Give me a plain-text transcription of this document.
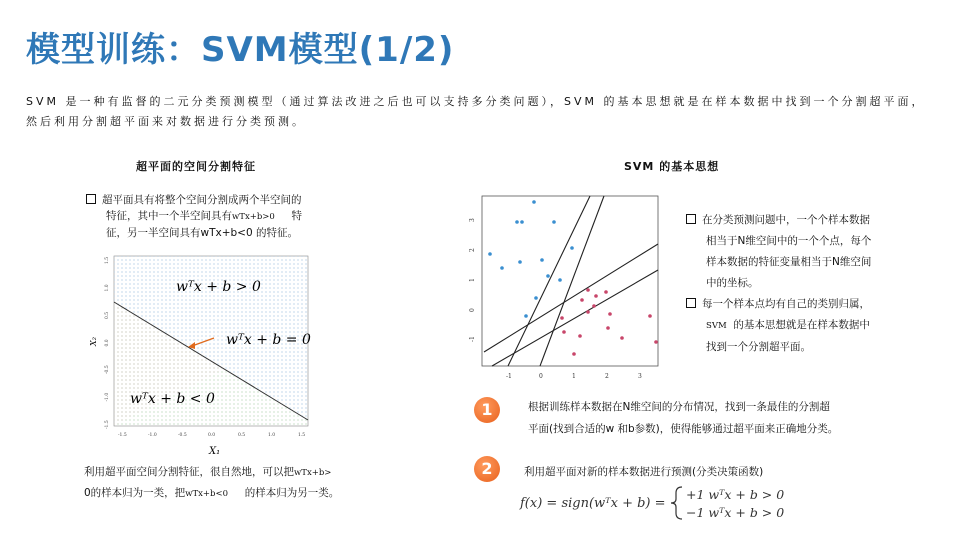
模型训练：SVM模型(1/2)
SVM 是一种有监督的二元分类预测模型（通过算法改进之后也可以支持多分类问题），SVM 的基本思想就是在样本数据中找到一个分割超平面，然后利用分割超平面来对数据进行分类预测。
超平面的空间分割特征

超平面具有将整个空间分割成两个半空间的

特征，其中一个半空间具有wTx+b>0 特

征，另一半空间具有wTx+b<0 的特征。

wᵀx + b > 0
wᵀx + b = 0
wᵀx + b < 0
X₁
X₂
-1.5	-1.0	-0.5	0.0	0.5	1.0	1.5
1.5
1.0
0.5
0.0
-0.5
-1.0
-1.5

利用超平面空间分割特征，很自然地，可以把wTx+b>

0的样本归为一类，把wTx+b<0 的样本归为另一类。

SVM 的基本思想
-1	0	1	2	3
3
2
1
0
-1

在分类预测问题中，一个个样本数据

相当于N维空间中的一个个点，每个

样本数据的特征变量相当于N维空间

中的坐标。

每一个样本点均有自己的类别归属，

SVM 的基本思想就是在样本数据中

找到一个分割超平面。

1	根据训练样本数据在N维空间的分布情况，找到一条最佳的分割超
平面(找到合适的w 和b参数)，使得能够通过超平面来正确地分类。
2	利用超平面对新的样本数据进行预测(分类决策函数)
f(x) = sign(wᵀx + b) =
+1 wᵀx + b > 0
−1 wᵀx + b > 0
